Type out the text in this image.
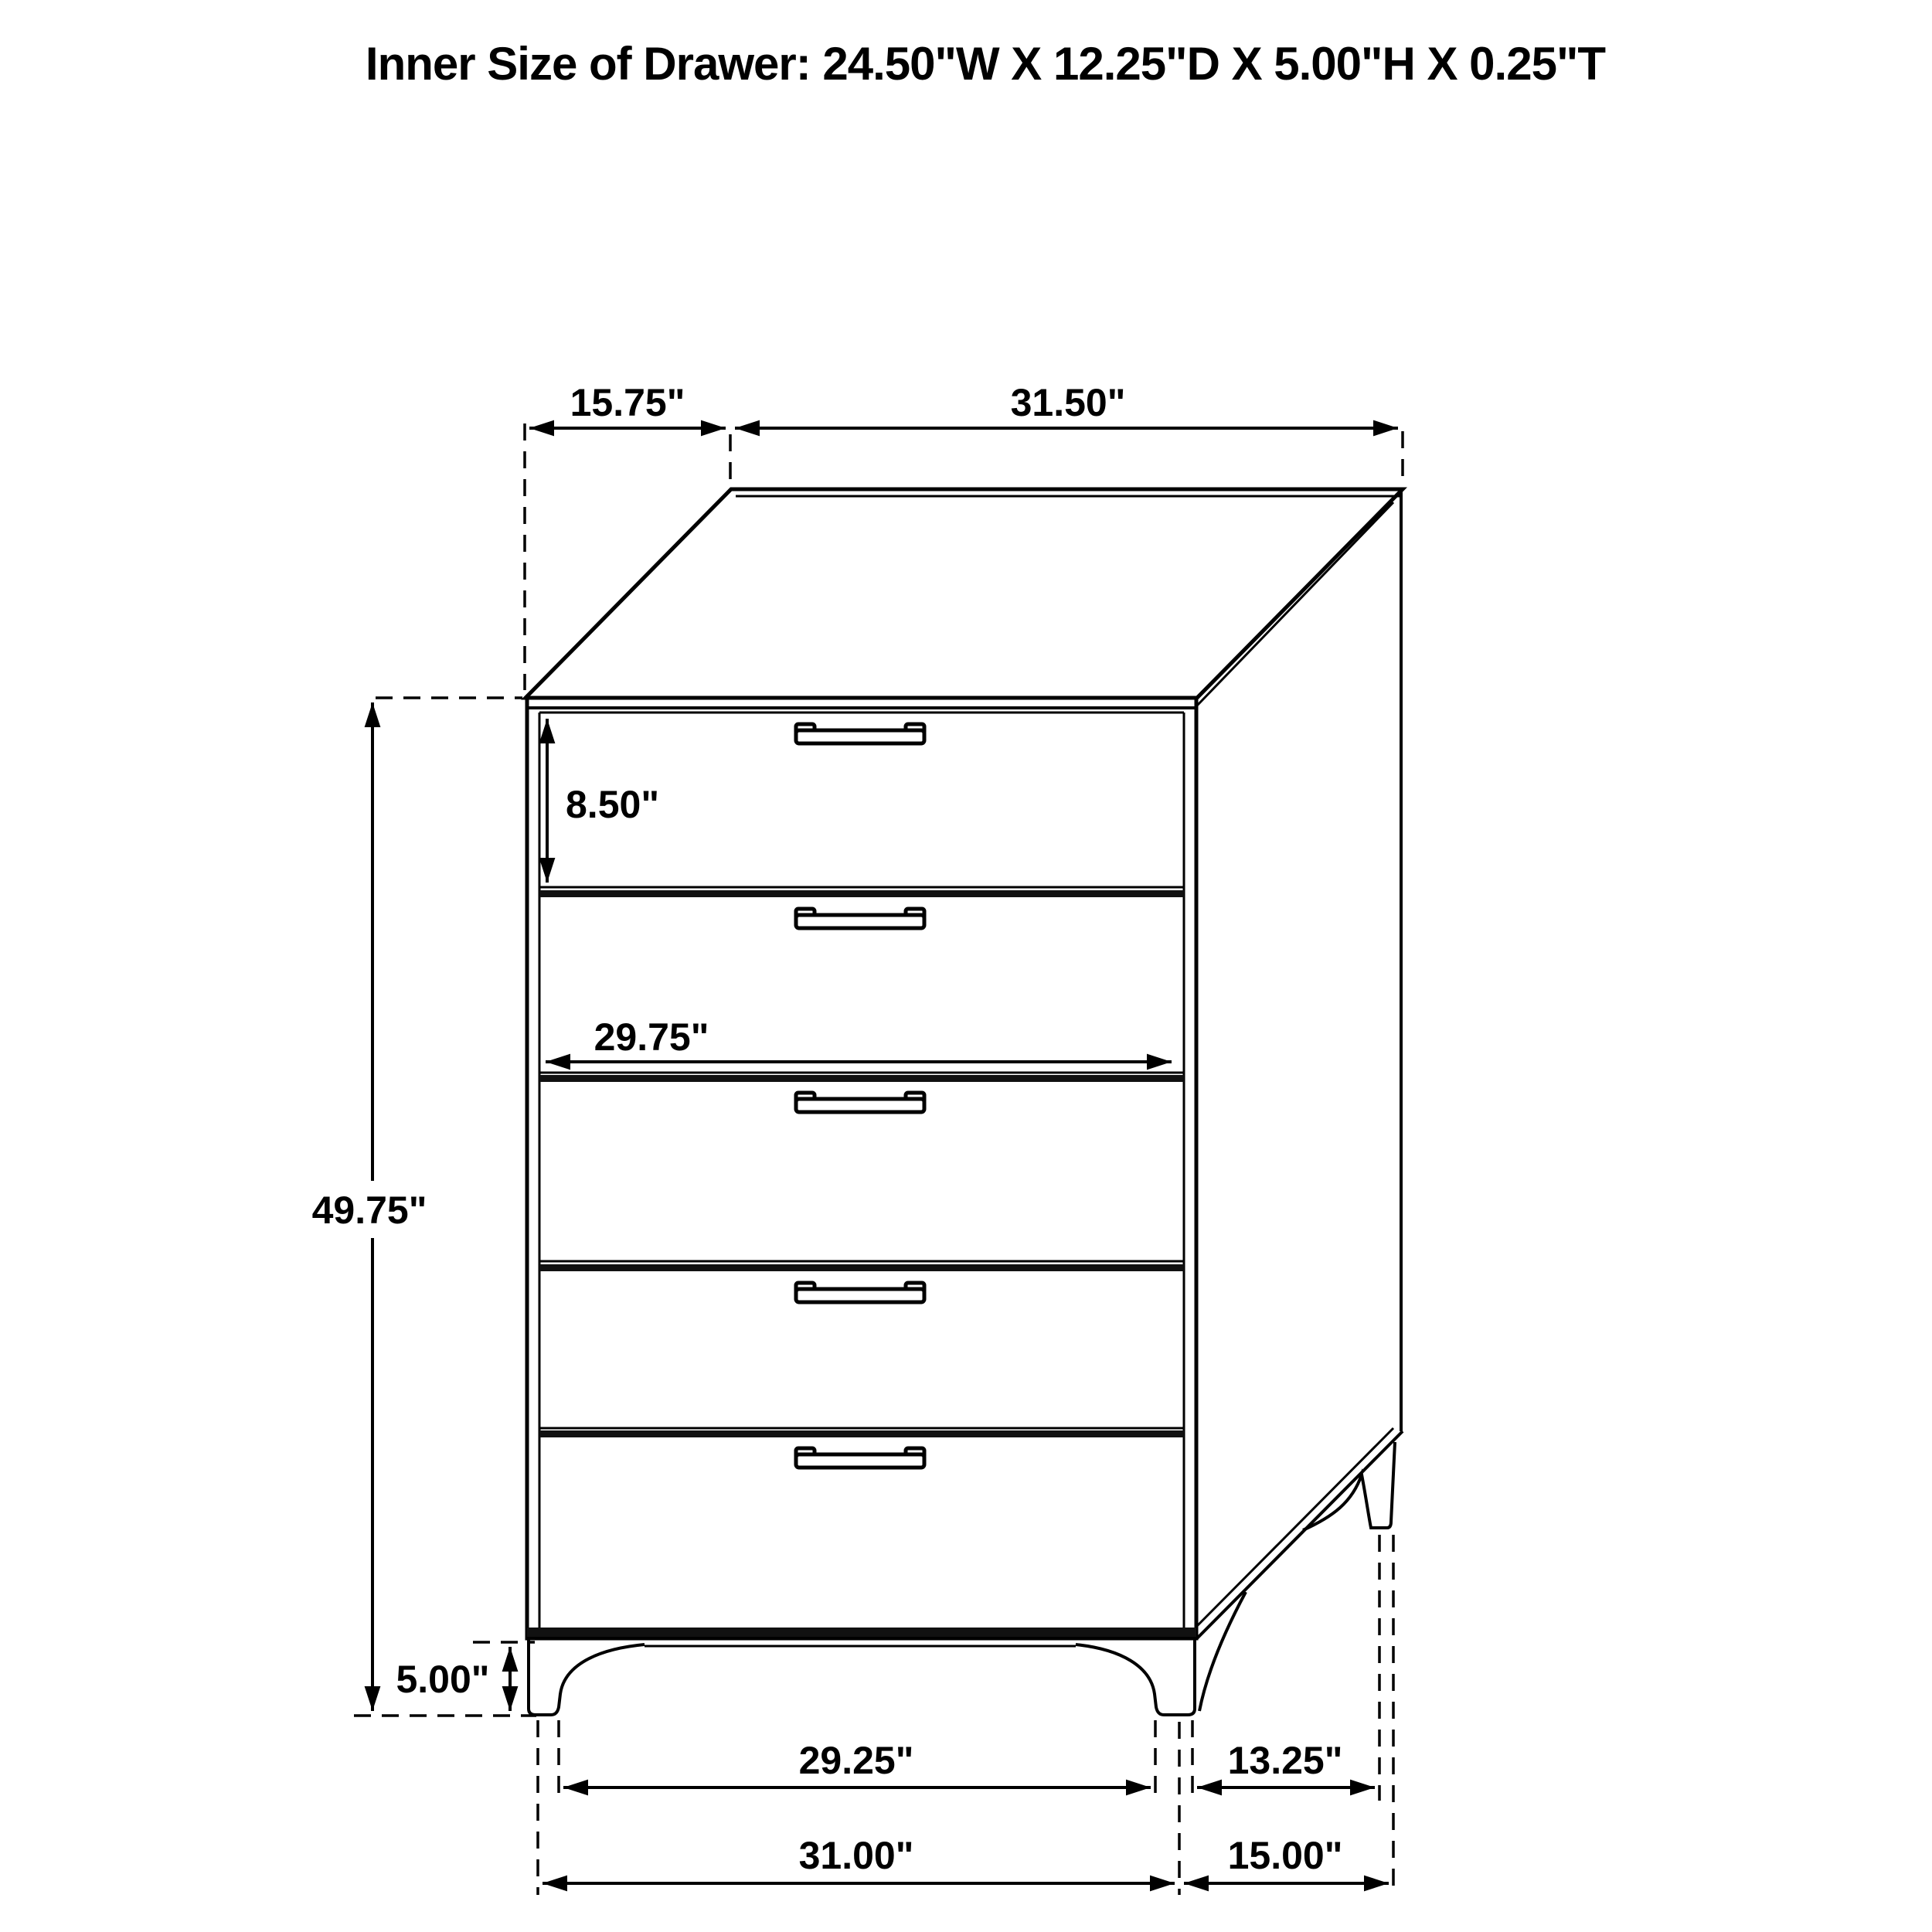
Inner Size of Drawer: 24.50"W X 12.25"D X 5.00"H X 0.25"T
15.75"	31.50"
8.50"
29.75"
49.75"
5.00"
29.25"	13.25"
31.00"	15.00"
